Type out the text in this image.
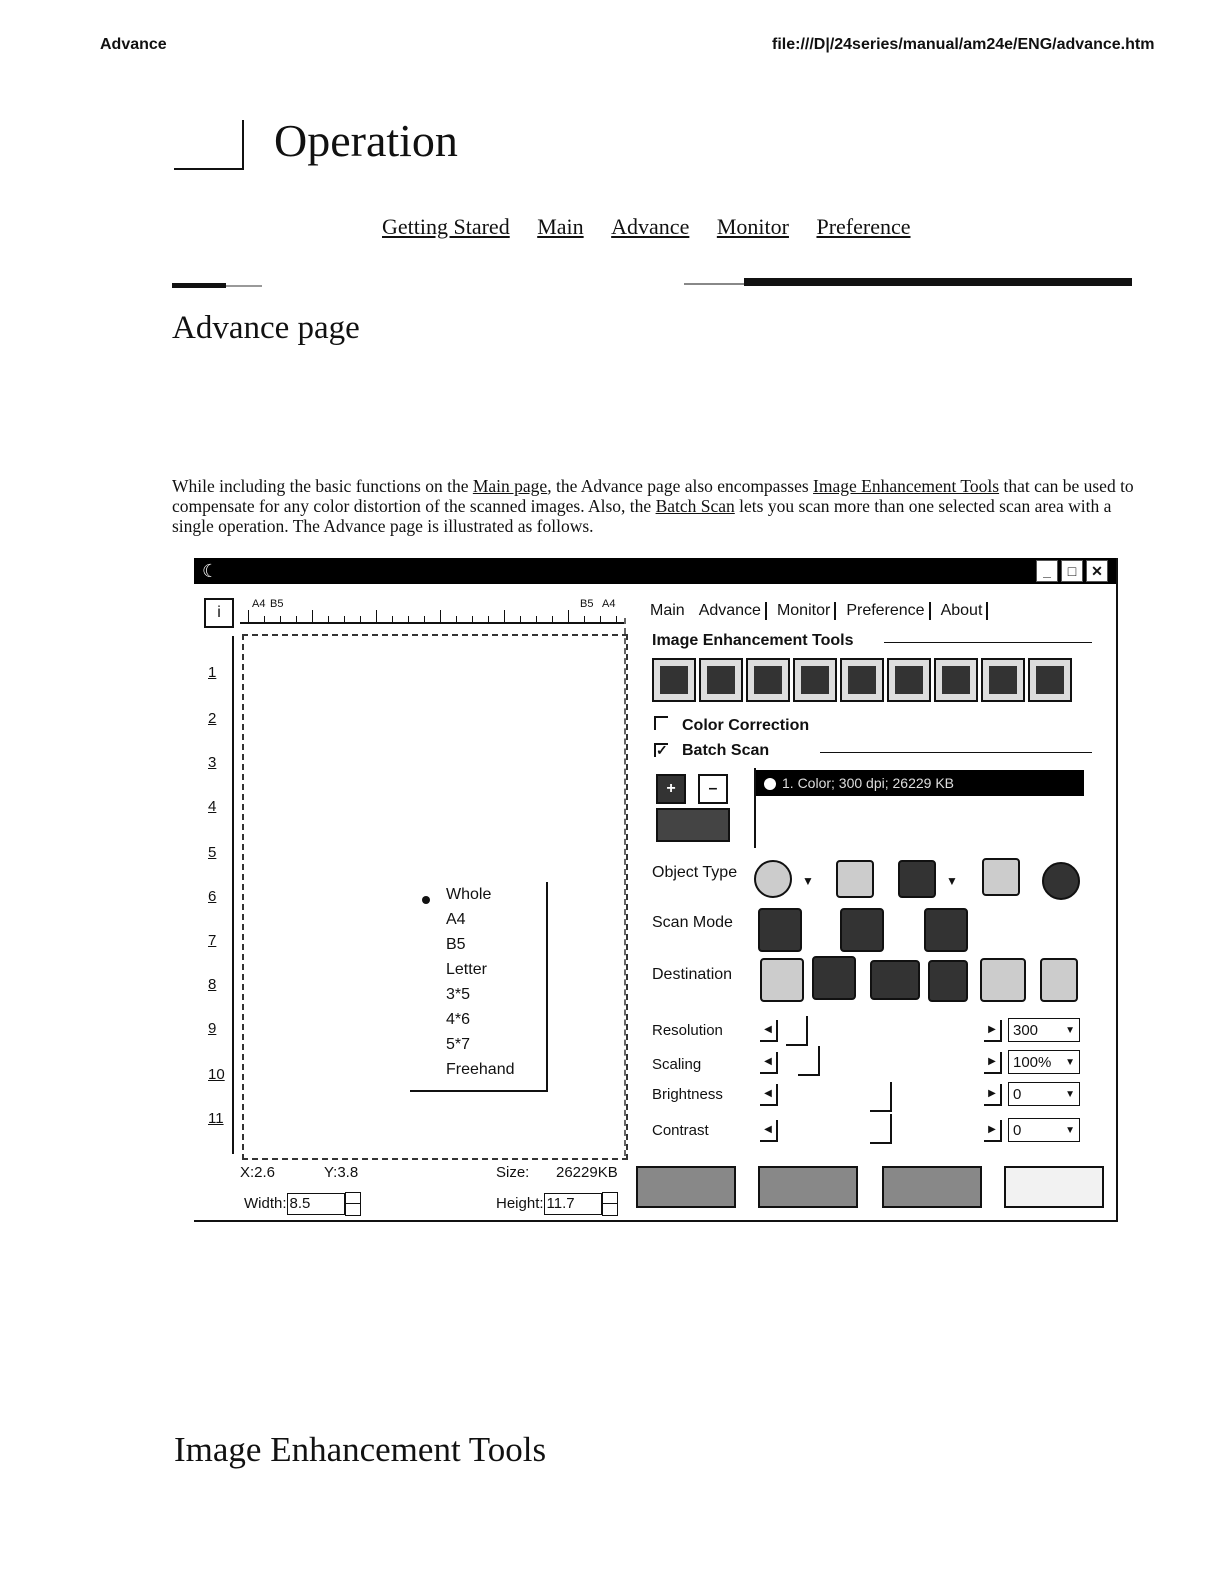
Advance	file:///D|/24series/manual/am24e/ENG/advance.htm
Operation
Getting Stared Main Advance Monitor Preference
Advance page
While including the basic functions on the Main page, the Advance page also encompasses Image Enhancement Tools that can be used to compensate for any color distortion of the scanned images. Also, the Batch Scan lets you scan more than one selected scan area with a single operation. The Advance page is illustrated as follows.
☾	_	□	✕
i	A4 B5	B5 A4
1
2
3
4
5
6
7
8
9
10
11
Whole
A4
B5
Letter
3*5
4*6
5*7
Freehand
X:2.6	Y:3.8	Size: 26229KB
Width: 8.5	Height: 11.7
Main Advance	Monitor	Preference	About
Image Enhancement Tools
Color Correction
✓ Batch Scan
+	–	1. Color; 300 dpi; 26229 KB
Object Type	▼	▼
Scan Mode
Destination
Resolution	◀	▶	300 ▼
Scaling	◀	▶	100% ▼
Brightness	◀	▶	0 ▼
Contrast	◀	▶	0 ▼
Image Enhancement Tools
